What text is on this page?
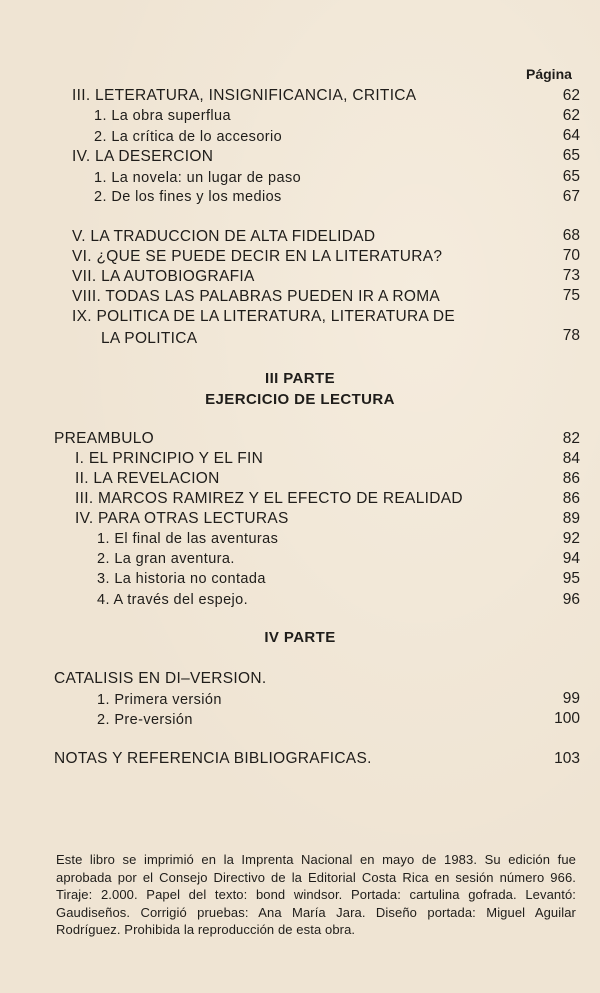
Página
III. LETERATURA, INSIGNIFICANCIA, CRITICA	62
1. La obra superflua	62
2. La crítica de lo accesorio	64
IV. LA DESERCION	65
1. La novela: un lugar de paso	65
2. De los fines y los medios	67
V. LA TRADUCCION DE ALTA FIDELIDAD	68
VI. ¿QUE SE PUEDE DECIR EN LA LITERATURA?	70
VII. LA AUTOBIOGRAFIA	73
VIII. TODAS LAS PALABRAS PUEDEN IR A ROMA	75
IX. POLITICA DE LA LITERATURA, LITERATURA DE
LA POLITICA	78
III PARTE
EJERCICIO DE LECTURA
PREAMBULO	82
I. EL PRINCIPIO Y EL FIN	84
II. LA REVELACION	86
III. MARCOS RAMIREZ Y EL EFECTO DE REALIDAD	86
IV. PARA OTRAS LECTURAS	89
1. El final de las aventuras	92
2. La gran aventura.	94
3. La historia no contada	95
4. A través del espejo.	96
IV PARTE
CATALISIS EN DI–VERSION.
1. Primera versión	99
2. Pre-versión	100
NOTAS Y REFERENCIA BIBLIOGRAFICAS.	103
Este libro se imprimió en la Imprenta Nacional en mayo de 1983. Su edición fue aprobada por el Consejo Directivo de la Editorial Costa Rica en sesión número 966. Tiraje: 2.000. Papel del texto: bond windsor. Portada: cartulina gofrada. Levantó: Gaudiseños. Corrigió pruebas: Ana María Jara. Diseño portada: Miguel Aguilar Rodríguez. Prohibida la reproducción de esta obra.
